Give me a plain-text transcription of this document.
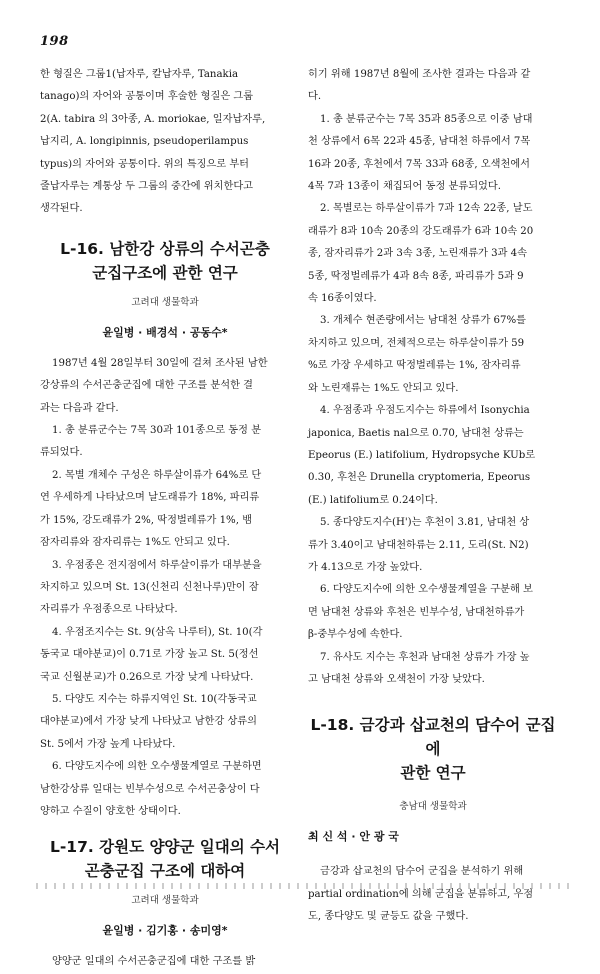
198

한 형질은 그룹1(납자루, 칼납자루, Tanakia

tanago)의 자어와 공통이며 후술한 형질은 그룹

2(A. tabira 의 3아종, A. moriokae, 일자납자루,

납지리, A. longipinnis, pseudoperilampus

typus)의 자어와 공통이다. 위의 특징으로 부터

줄납자루는 계통상 두 그룹의 중간에 위치한다고

생각된다.

L-16. 남한강 상류의 수서곤충
군집구조에 관한 연구

고려대 생물학과

윤일병 · 배경석 · 공동수*

1987년 4월 28일부터 30일에 걸쳐 조사된 남한

강상류의 수서곤충군집에 대한 구조를 분석한 결

과는 다음과 같다.

1. 총 분류군수는 7목 30과 101종으로 동정 분

류되었다.

2. 목별 개체수 구성은 하루살이류가 64%로 단

연 우세하게 나타났으며 날도래류가 18%, 파리류

가 15%, 강도래류가 2%, 딱정벌레류가 1%, 뱀

잠자리류와 잠자리류는 1%도 안되고 있다.

3. 우점종은 전지점에서 하루살이류가 대부분을

차지하고 있으며 St. 13(신천리 신천나루)만이 잠

자리류가 우점종으로 나타났다.

4. 우점조지수는 St. 9(삼옥 나루터), St. 10(각

동국교 대야분교)이 0.71로 가장 높고 St. 5(정선

국교 신월분교)가 0.26으로 가장 낮게 나타났다.

5. 다양도 지수는 하류지역인 St. 10(각동국교

대야분교)에서 가장 낮게 나타났고 남한강 상류의

St. 5에서 가장 높게 나타났다.

6. 다양도지수에 의한 오수생물계열로 구분하면

남한강상류 일대는 빈부수성으로 수서곤충상이 다

양하고 수질이 양호한 상태이다.

L-17. 강원도 양양군 일대의 수서
곤충군집 구조에 대하여

고려대 생물학과

윤일병 · 김기홍 · 송미영*

양양군 일대의 수서곤충군집에 대한 구조를 밝

히기 위해 1987년 8월에 조사한 결과는 다음과 같

다.

1. 총 분류군수는 7목 35과 85종으로 이중 남대

천 상류에서 6목 22과 45종, 남대천 하류에서 7목

16과 20종, 후천에서 7목 33과 68종, 오색천에서

4목 7과 13종이 채집되어 동정 분류되었다.

2. 목별로는 하루살이류가 7과 12속 22종, 날도

래류가 8과 10속 20종의 강도래류가 6과 10속 20

종, 잠자리류가 2과 3속 3종, 노린재류가 3과 4속

5종, 딱정벌레류가 4과 8속 8종, 파리류가 5과 9

속 16종이였다.

3. 개체수 현존량에서는 남대천 상류가 67%를

차지하고 있으며, 전체적으로는 하루살이류가 59

%로 가장 우세하고 딱정벌레류는 1%, 잠자리류

와 노린재류는 1%도 안되고 있다.

4. 우점종과 우점도지수는 하류에서 Isonychia

japonica, Baetis nal으로 0.70, 남대천 상류는

Epeorus (E.) latifolium, Hydropsyche KUb로

0.30, 후천은 Drunella cryptomeria, Epeorus

(E.) latifolium로 0.24이다.

5. 종다양도지수(H')는 후천이 3.81, 남대천 상

류가 3.40이고 남대천하류는 2.11, 도리(St. N2)

가 4.13으로 가장 높았다.

6. 다양도지수에 의한 오수생물계열을 구분해 보

면 남대천 상류와 후천은 빈부수성, 남대천하류가

β-중부수성에 속한다.

7. 유사도 지수는 후천과 남대천 상류가 가장 높

고 남대천 상류와 오색천이 가장 낮았다.

L-18. 금강과 삽교천의 담수어 군집에
관한 연구

충남대 생물학과

최 신 석 · 안 광 국

금강과 삽교천의 담수어 군집을 분석하기 위해

partial ordination에 의해 군집을 분류하고, 우점

도, 종다양도 및 균등도 값을 구했다.
